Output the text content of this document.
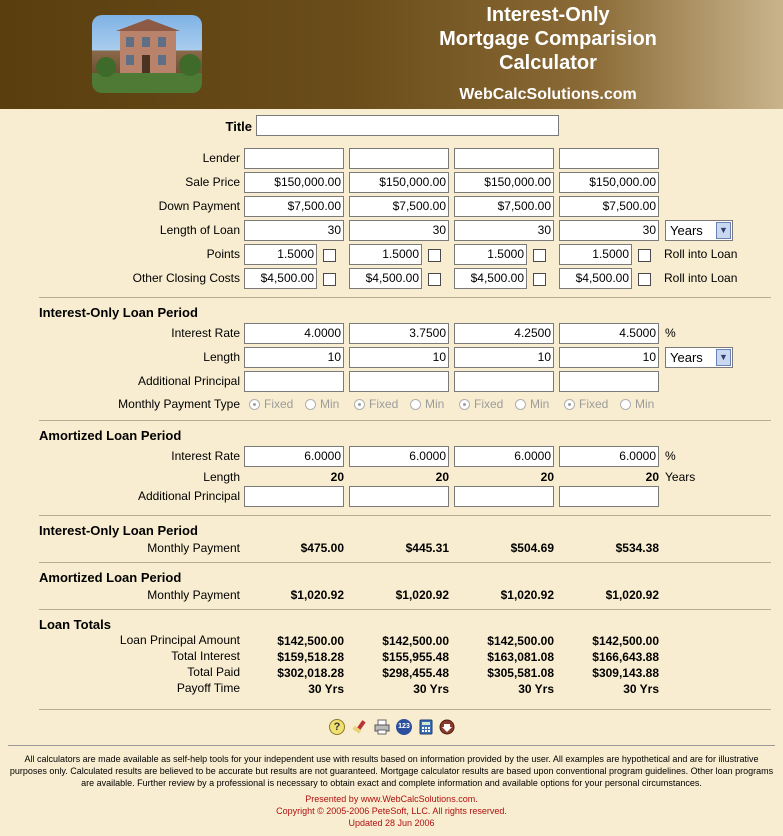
Interest-Only
Mortgage Comparision
Calculator
WebCalcSolutions.com
Title
Lender
Sale Price	$150,000.00	$150,000.00	$150,000.00	$150,000.00
Down Payment	$7,500.00	$7,500.00	$7,500.00	$7,500.00
Length of Loan	30	30	30	30	Years	▼
Points	1.5000	1.5000	1.5000	1.5000	Roll into Loan
Other Closing Costs	$4,500.00	$4,500.00	$4,500.00	$4,500.00	Roll into Loan
Interest-Only Loan Period
Interest Rate	4.0000	3.7500	4.2500	4.5000 %
Length	10	10	10	10	Years	▼
Additional Principal
Monthly Payment Type Fixed Min Fixed Min Fixed Min Fixed Min
Amortized Loan Period
Interest Rate	6.0000	6.0000	6.0000	6.0000 %
Length	20	20	20	20 Years
Additional Principal
Interest-Only Loan Period
Monthly Payment	$475.00	$445.31	$504.69	$534.38
Amortized Loan Period
Monthly Payment	$1,020.92	$1,020.92	$1,020.92	$1,020.92
Loan Totals
Loan Principal Amount	$142,500.00	$142,500.00	$142,500.00	$142,500.00
Total Interest	$159,518.28	$155,955.48	$163,081.08	$166,643.88
Total Paid	$302,018.28	$298,455.48	$305,581.08	$309,143.88
Payoff Time	30 Yrs	30 Yrs	30 Yrs	30 Yrs
?	123
All calculators are made available as self-help tools for your independent use with results based on information provided by the user. All examples are hypothetical and are for illustrative purposes only. Calculated results are believed to be accurate but results are not guaranteed. Mortgage calculator results are based upon conventional program guidelines. Other loan programs are available. Further review by a professional is necessary to obtain exact and complete information and available options for your personal circumstances.
Presented by www.WebCalcSolutions.com.
Copyright © 2005-2006 PeteSoft, LLC. All rights reserved.
Updated 28 Jun 2006
